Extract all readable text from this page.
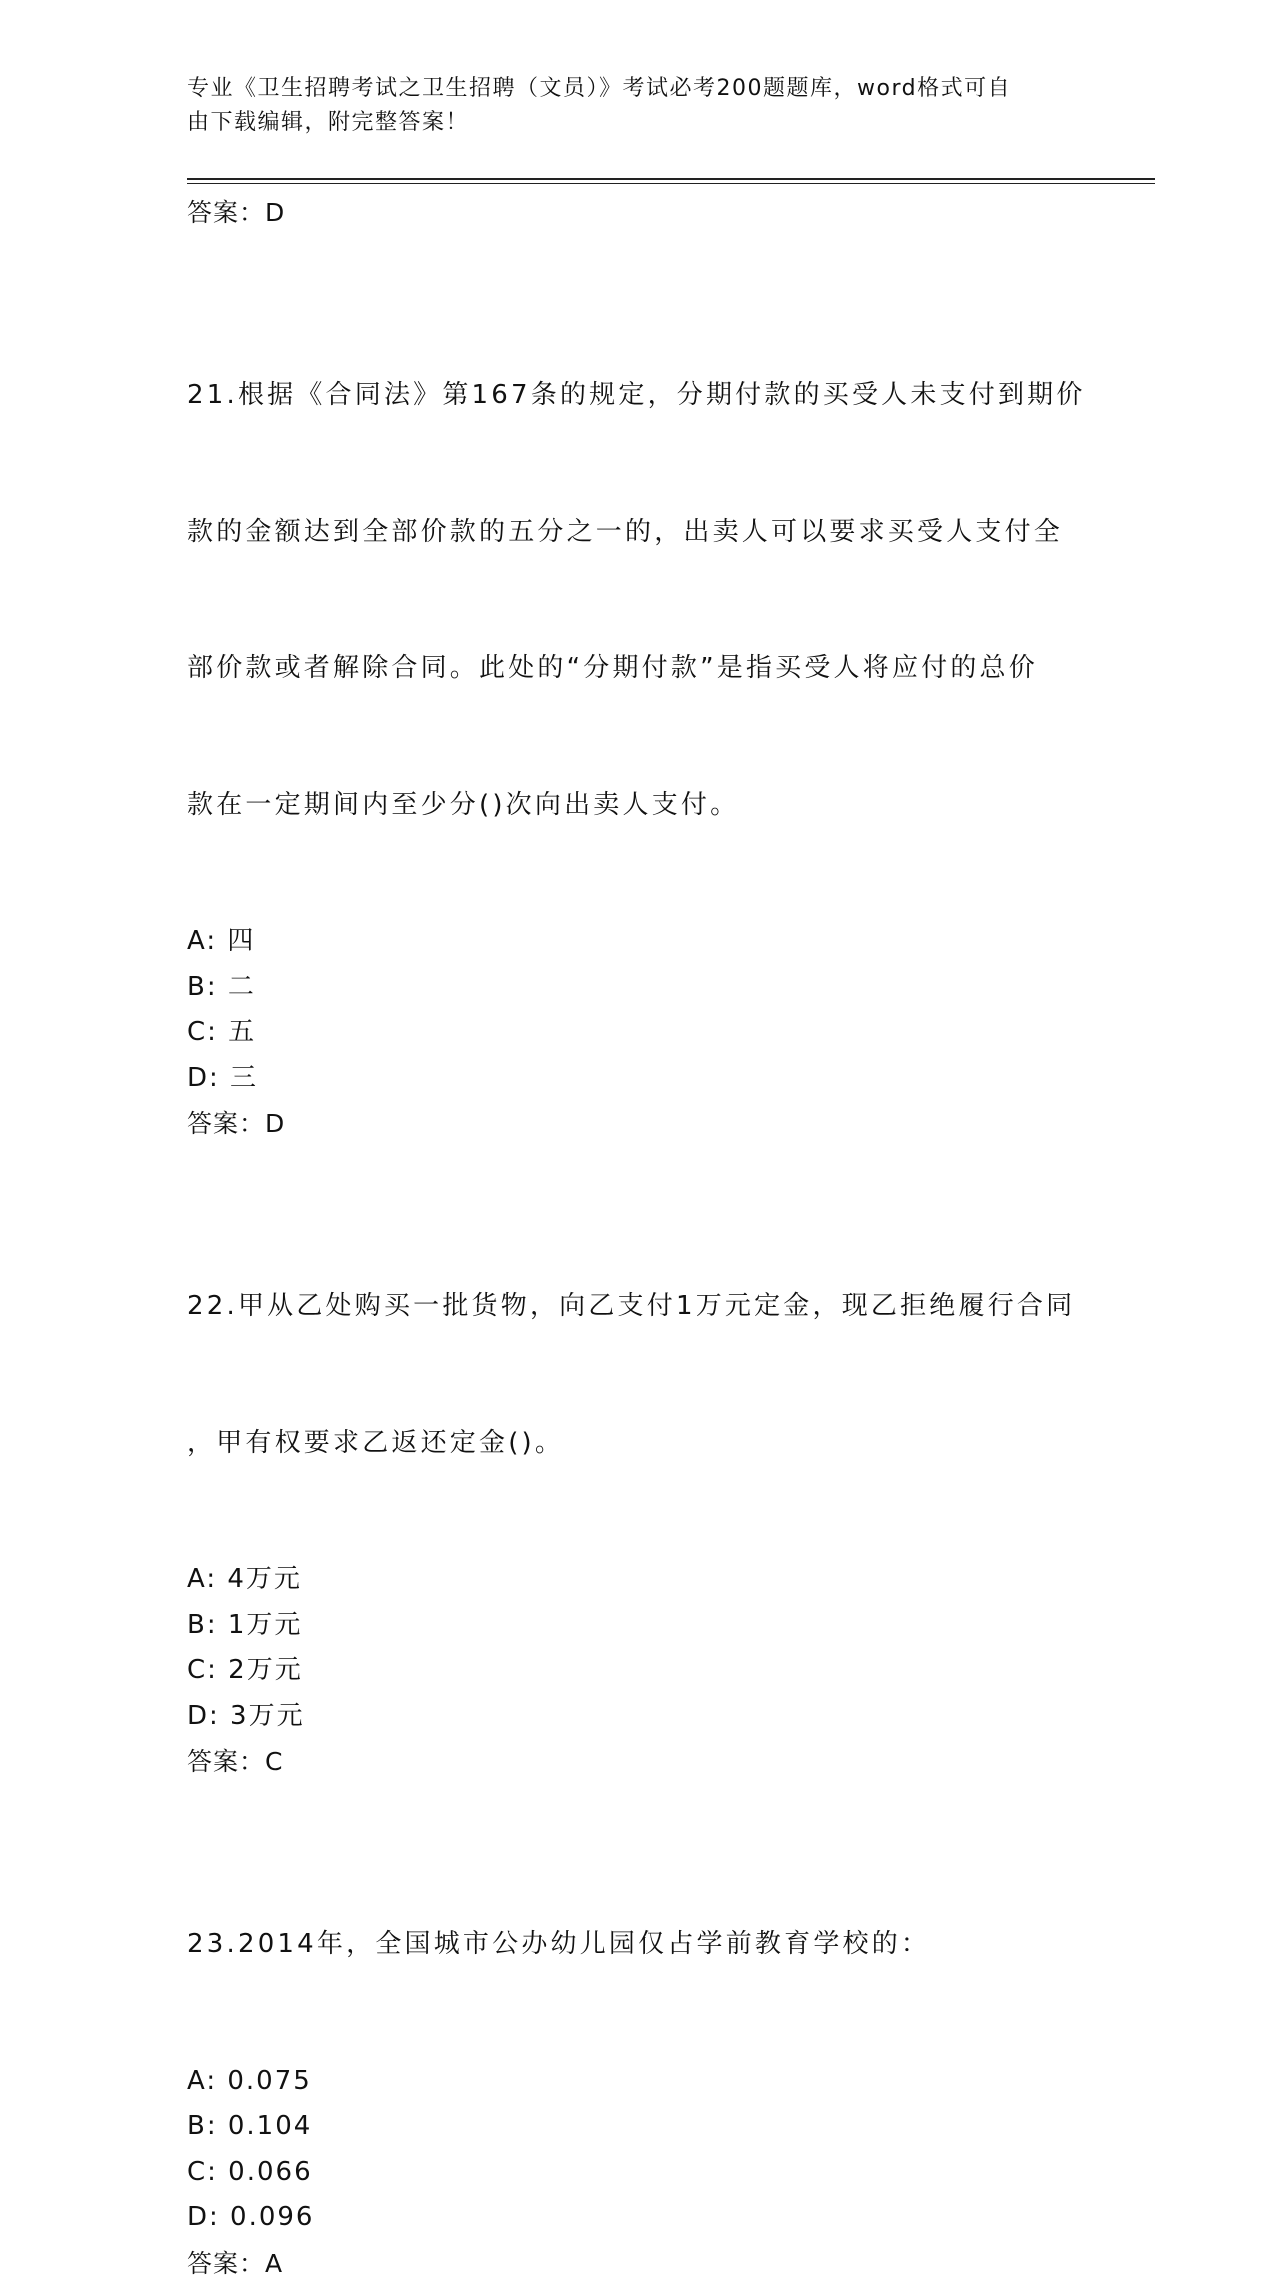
专业《卫生招聘考试之卫生招聘（文员）》考试必考200题题库，word格式可自
由下载编辑，附完整答案！
答案：D

21.根据《合同法》第167条的规定，分期付款的买受人未支付到期价

款的金额达到全部价款的五分之一的，出卖人可以要求买受人支付全

部价款或者解除合同。此处的“分期付款”是指买受人将应付的总价

款在一定期间内至少分()次向出卖人支付。

A: 四
B: 二
C: 五
D: 三
答案：D

22.甲从乙处购买一批货物，向乙支付1万元定金，现乙拒绝履行合同

，甲有权要求乙返还定金()。

A: 4万元
B: 1万元
C: 2万元
D: 3万元
答案：C

23.2014年，全国城市公办幼儿园仅占学前教育学校的：

A: 0.075
B: 0.104
C: 0.066
D: 0.096
答案：A
